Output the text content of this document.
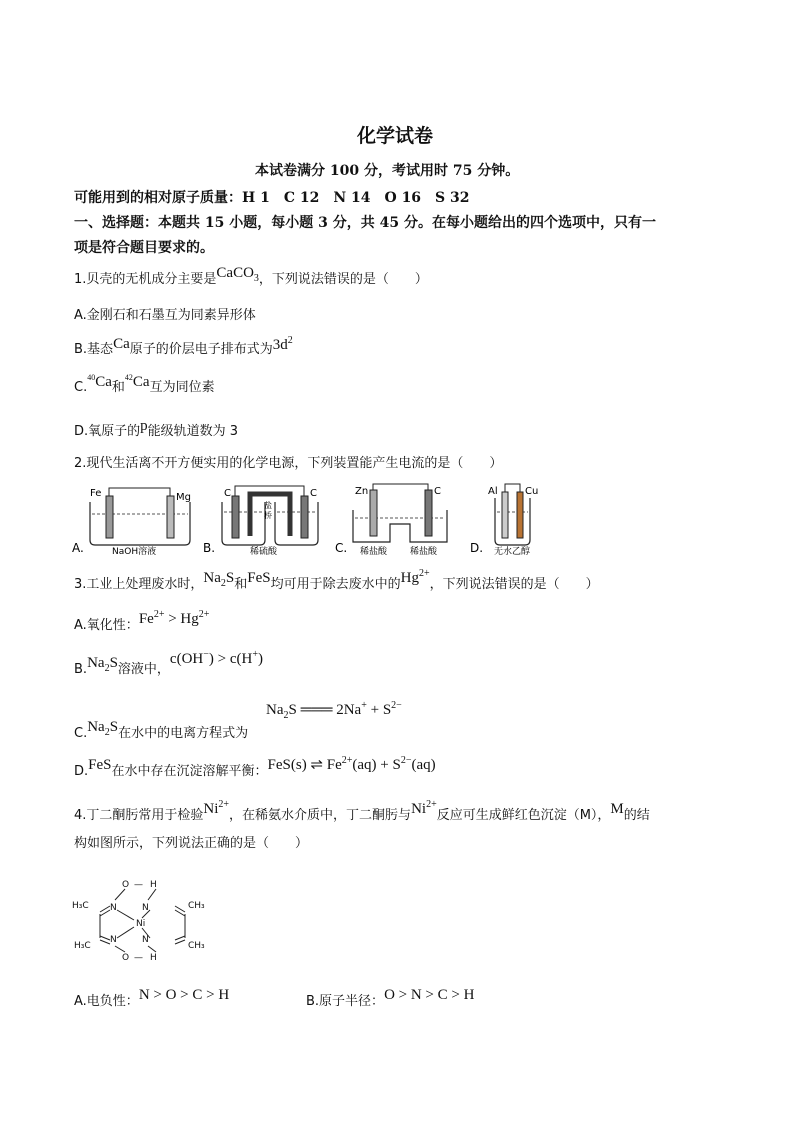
化学试卷
本试卷满分 100 分，考试用时 75 分钟。
可能用到的相对原子质量：H 1　C 12　N 14　O 16　S 32
一、选择题：本题共 15 小题，每小题 3 分，共 45 分。在每小题给出的四个选项中，只有一
项是符合题目要求的。
1.贝壳的无机成分主要是CaCO$_3$，下列说法错误的是（　　）
A.金刚石和石墨互为同素异形体
B.基态Ca原子的价层电子排布式为$3d^2$
C.$^{40}$Ca和$^{42}$Ca互为同位素
D.氧原子的p能级轨道数为 3
2.现代生活离不开方便实用的化学电源，下列装置能产生电流的是（　　）
A.
Fe	Mg
NaOH溶液	B.
C	C
盐
桥
稀硫酸	C.
Zn	C
稀盐酸	稀盐酸	D.
Al	Cu
无水乙醇
3.工业上处理废水时，$Na_2S$和FeS均可用于除去废水中的$Hg^{2+}$，下列说法错误的是（　　）
A.氧化性：$Fe^{2+} > Hg^{2+}$
$B.Na_2S$溶液中，c(OH−) > c(H+)
$Na_2S$ ═══ $2Na^+ + S^{2-}$
$C.Na_2S$在水中的电离方程式为
D.FeS在水中存在沉淀溶解平衡：FeS(s) ⇌ $Fe^{2+}(aq) + S^{2-}(aq)$
4.丁二酮肟常用于检验$Ni^{2+}$，在稀氨水介质中，丁二酮肟与$Ni^{2+}$反应可生成鲜红色沉淀（M），M的结
构如图所示，下列说法正确的是（　　）
O — H
N	N
Ni
N	N
O — H
H₃C
H₃C
CH₃
CH₃
A.电负性：N > O > C > H	B.原子半径：O > N > C > H
